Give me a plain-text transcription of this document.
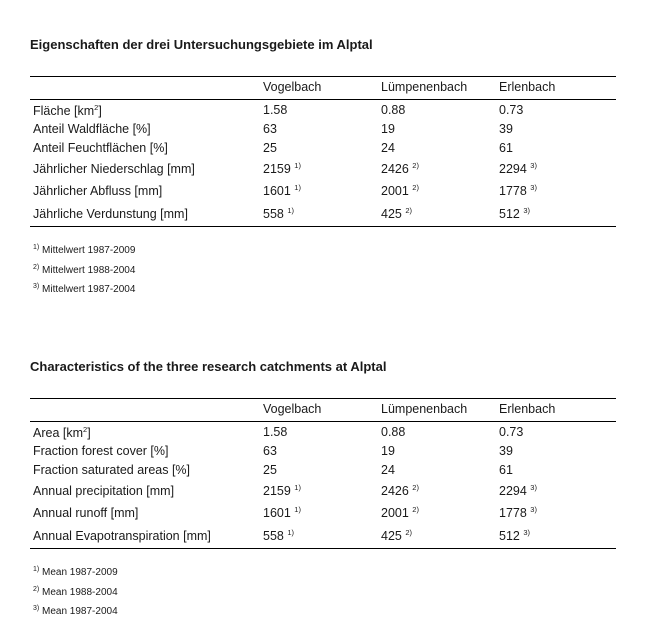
Eigenschaften der drei Untersuchungsgebiete im Alptal

	Vogelbach	Lümpenenbach	Erlenbach
Fläche $[km^2]$	1.58	0.88	0.73
Anteil Waldfläche [%]	63	19	39
Anteil Feuchtflächen [%]	25	24	61
Jährlicher Niederschlag [mm]	2159 $^{1)}$	2426 $^{2)}$	2294 $^{3)}$
Jährlicher Abfluss [mm]	1601 $^{1)}$	2001 $^{2)}$	1778 $^{3)}$
Jährliche Verdunstung [mm]	558 $^{1)}$	425 $^{2)}$	512 $^{3)}$
$^{1)}$ Mittelwert 1987-2009
$^{2)}$ Mittelwert 1988-2004
$^{3)}$ Mittelwert 1987-2004

Characteristics of the three research catchments at Alptal

	Vogelbach	Lümpenenbach	Erlenbach
Area $[km^2]$	1.58	0.88	0.73
Fraction forest cover [%]	63	19	39
Fraction saturated areas [%]	25	24	61
Annual precipitation [mm]	2159 $^{1)}$	2426 $^{2)}$	2294 $^{3)}$
Annual runoff [mm]	1601 $^{1)}$	2001 $^{2)}$	1778 $^{3)}$
Annual Evapotranspiration [mm]	558 $^{1)}$	425 $^{2)}$	512 $^{3)}$
$^{1)}$ Mean 1987-2009
$^{2)}$ Mean 1988-2004
$^{3)}$ Mean 1987-2004
